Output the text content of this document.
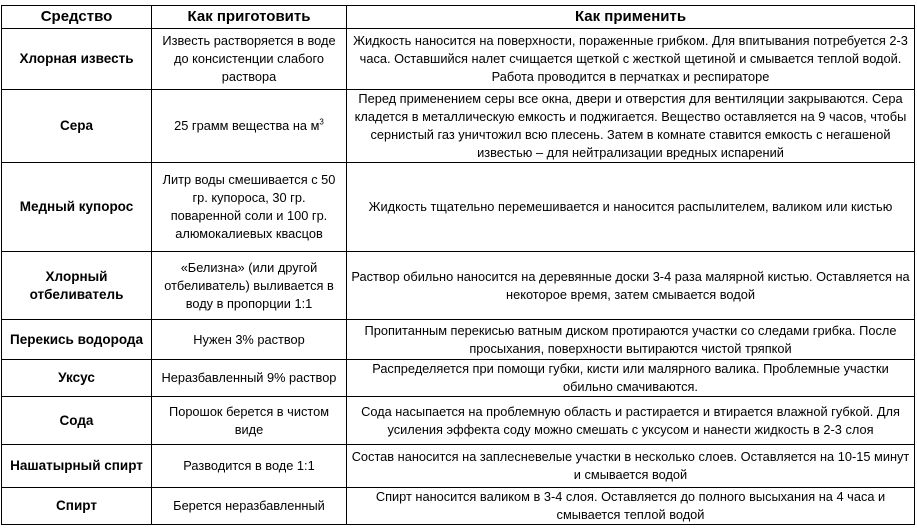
Средство	Как приготовить	Как применить
Хлорная известь	Известь растворяется в воде до консистенции слабого раствора	Жидкость наносится на поверхности, пораженные грибком. Для впитывания потребуется 2-3 часа. Оставшийся налет счищается щеткой с жесткой щетиной и смывается теплой водой. Работа проводится в перчатках и респираторе
Сера	25 грамм вещества на $м^3$	Перед применением серы все окна, двери и отверстия для вентиляции закрываются. Сера кладется в металлическую емкость и поджигается. Вещество оставляется на 9 часов, чтобы сернистый газ уничтожил всю плесень. Затем в комнате ставится емкость с негашеной известью – для нейтрализации вредных испарений
Медный купорос	Литр воды смешивается с 50 гр. купороса, 30 гр. поваренной соли и 100 гр. алюмокалиевых квасцов	Жидкость тщательно перемешивается и наносится распылителем, валиком или кистью
Хлорный отбеливатель	«Белизна» (или другой отбеливатель) выливается в воду в пропорции 1:1	Раствор обильно наносится на деревянные доски 3-4 раза малярной кистью. Оставляется на некоторое время, затем смывается водой
Перекись водорода	Нужен 3% раствор	Пропитанным перекисью ватным диском протираются участки со следами грибка. После просыхания, поверхности вытираются чистой тряпкой
Уксус	Неразбавленный 9% раствор	Распределяется при помощи губки, кисти или малярного валика. Проблемные участки обильно смачиваются.
Сода	Порошок берется в чистом виде	Сода насыпается на проблемную область и растирается и втирается влажной губкой. Для усиления эффекта соду можно смешать с уксусом и нанести жидкость в 2-3 слоя
Нашатырный спирт	Разводится в воде 1:1	Состав наносится на заплесневелые участки в несколько слоев. Оставляется на 10-15 минут и смывается водой
Спирт	Берется неразбавленный	Спирт наносится валиком в 3-4 слоя. Оставляется до полного высыхания на 4 часа и смывается теплой водой
